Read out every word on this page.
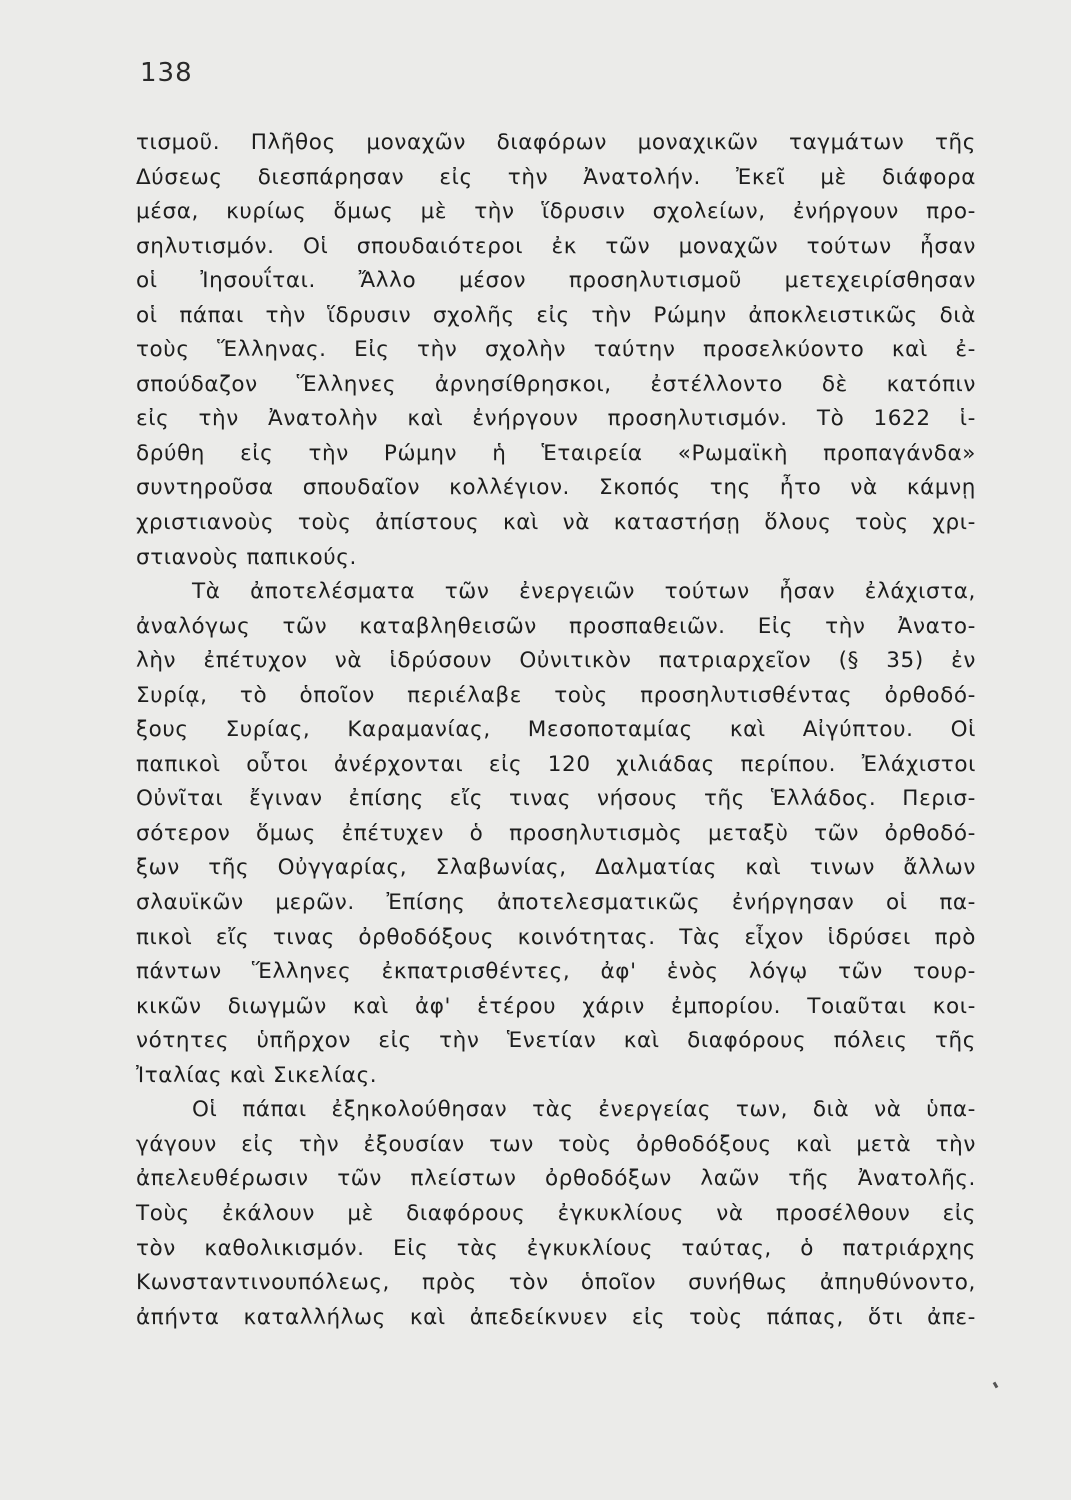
138
τισμοῦ. Πλῆθος μοναχῶν διαφόρων μοναχικῶν ταγμάτων τῆς
Δύσεως διεσπάρησαν εἰς τὴν Ἀνατολήν. Ἐκεῖ μὲ διάφορα
μέσα, κυρίως ὅμως μὲ τὴν ἵδρυσιν σχολείων, ἐνήργουν προ-
σηλυτισμόν. Οἱ σπουδαιότεροι ἐκ τῶν μοναχῶν τούτων ἦσαν
οἱ Ἰησουΐται. Ἄλλο μέσον προσηλυτισμοῦ μετεχειρίσθησαν
οἱ πάπαι τὴν ἵδρυσιν σχολῆς εἰς τὴν Ρώμην ἀποκλειστικῶς διὰ
τοὺς Ἕλληνας. Εἰς τὴν σχολὴν ταύτην προσελκύοντο καὶ ἐ-
σπούδαζον Ἕλληνες ἀρνησίθρησκοι, ἐστέλλοντο δὲ κατόπιν
εἰς τὴν Ἀνατολὴν καὶ ἐνήργουν προσηλυτισμόν. Τὸ 1622 ἱ-
δρύθη εἰς τὴν Ρώμην ἡ Ἑταιρεία «Ρωμαϊκὴ προπαγάνδα»
συντηροῦσα σπουδαῖον κολλέγιον. Σκοπός της ἦτο νὰ κάμνῃ
χριστιανοὺς τοὺς ἀπίστους καὶ νὰ καταστήσῃ ὅλους τοὺς χρι-
στιανοὺς παπικούς.
Τὰ ἀποτελέσματα τῶν ἐνεργειῶν τούτων ἦσαν ἐλάχιστα,
ἀναλόγως τῶν καταβληθεισῶν προσπαθειῶν. Εἰς τὴν Ἀνατο-
λὴν ἐπέτυχον νὰ ἱδρύσουν Οὐνιτικὸν πατριαρχεῖον (§ 35) ἐν
Συρίᾳ, τὸ ὁποῖον περιέλαβε τοὺς προσηλυτισθέντας ὀρθοδό-
ξους Συρίας, Καραμανίας, Μεσοποταμίας καὶ Αἰγύπτου. Οἱ
παπικοὶ οὗτοι ἀνέρχονται εἰς 120 χιλιάδας περίπου. Ἐλάχιστοι
Οὐνῖται ἔγιναν ἐπίσης εἴς τινας νήσους τῆς Ἑλλάδος. Περισ-
σότερον ὅμως ἐπέτυχεν ὁ προσηλυτισμὸς μεταξὺ τῶν ὀρθοδό-
ξων τῆς Οὐγγαρίας, Σλαβωνίας, Δαλματίας καὶ τινων ἄλλων
σλαυϊκῶν μερῶν. Ἐπίσης ἀποτελεσματικῶς ἐνήργησαν οἱ πα-
πικοὶ εἴς τινας ὀρθοδόξους κοινότητας. Τὰς εἶχον ἱδρύσει πρὸ
πάντων Ἕλληνες ἐκπατρισθέντες, ἀφ' ἑνὸς λόγῳ τῶν τουρ-
κικῶν διωγμῶν καὶ ἀφ' ἑτέρου χάριν ἐμπορίου. Τοιαῦται κοι-
νότητες ὑπῆρχον εἰς τὴν Ἑνετίαν καὶ διαφόρους πόλεις τῆς
Ἰταλίας καὶ Σικελίας.
Οἱ πάπαι ἐξηκολούθησαν τὰς ἐνεργείας των, διὰ νὰ ὑπα-
γάγουν εἰς τὴν ἐξουσίαν των τοὺς ὀρθοδόξους καὶ μετὰ τὴν
ἀπελευθέρωσιν τῶν πλείστων ὀρθοδόξων λαῶν τῆς Ἀνατολῆς.
Τοὺς ἐκάλουν μὲ διαφόρους ἐγκυκλίους νὰ προσέλθουν εἰς
τὸν καθολικισμόν. Εἰς τὰς ἐγκυκλίους ταύτας, ὁ πατριάρχης
Κωνσταντινουπόλεως, πρὸς τὸν ὁποῖον συνήθως ἀπηυθύνοντο,
ἀπήντα καταλλήλως καὶ ἀπεδείκνυεν εἰς τοὺς πάπας, ὅτι ἀπε-
